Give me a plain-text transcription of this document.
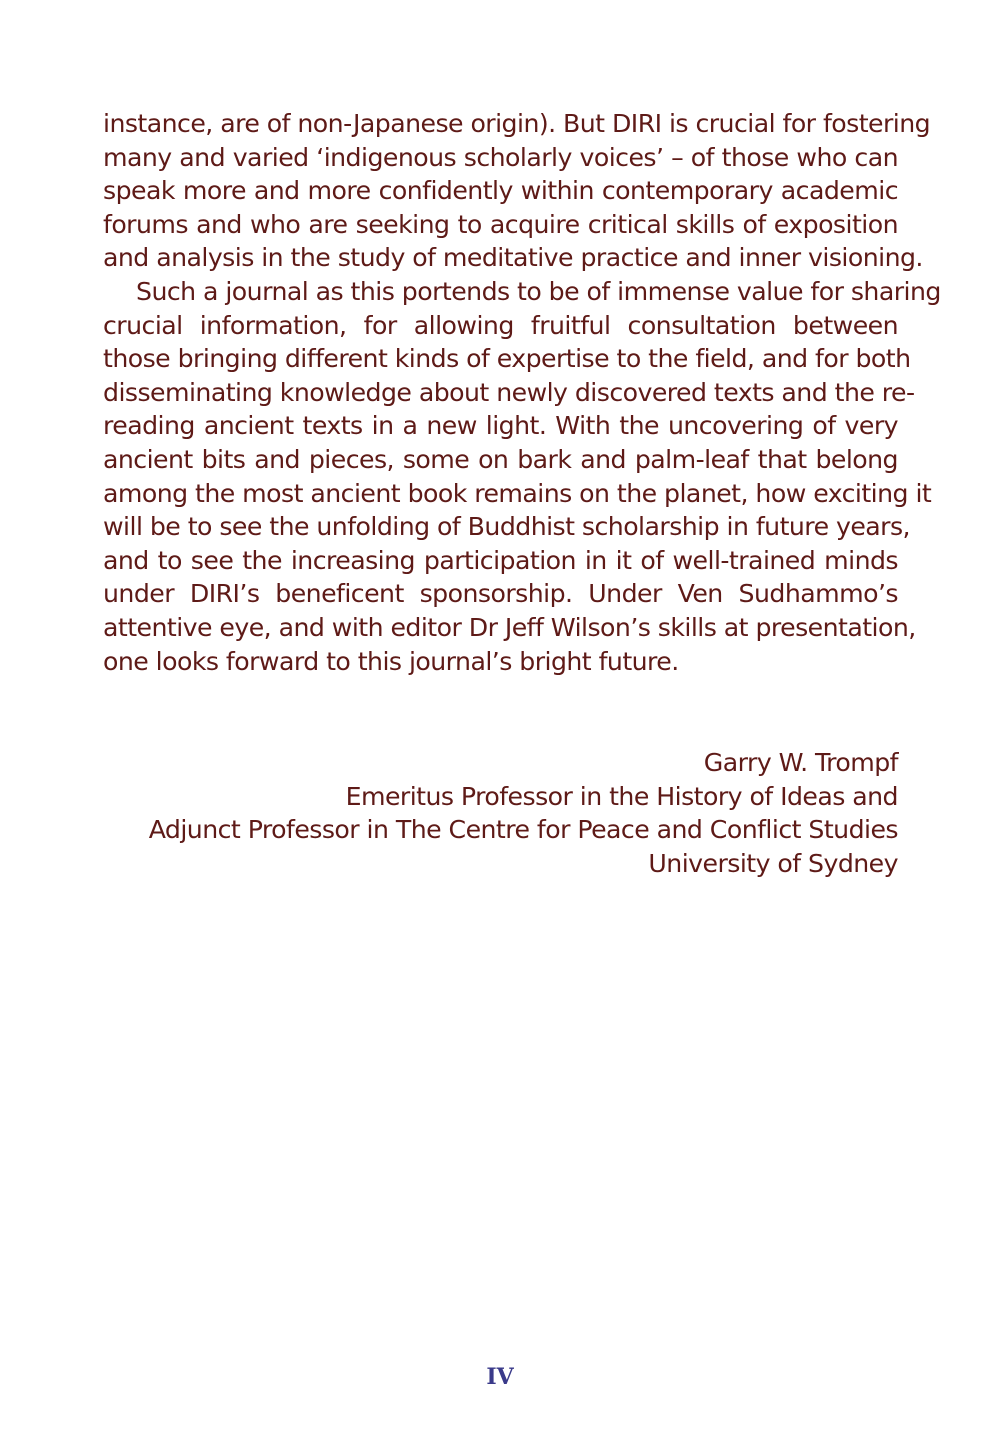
instance, are of non-Japanese origin). But DIRI is crucial for fostering
many and varied ‘indigenous scholarly voices’ – of those who can
speak more and more confidently within contemporary academic
forums and who are seeking to acquire critical skills of exposition
and analysis in the study of meditative practice and inner visioning.
Such a journal as this portends to be of immense value for sharing
crucial information, for allowing fruitful consultation between
those bringing different kinds of expertise to the field, and for both
disseminating knowledge about newly discovered texts and the re-
reading ancient texts in a new light. With the uncovering of very
ancient bits and pieces, some on bark and palm-leaf that belong
among the most ancient book remains on the planet, how exciting it
will be to see the unfolding of Buddhist scholarship in future years,
and to see the increasing participation in it of well-trained minds
under DIRI’s beneficent sponsorship. Under Ven Sudhammo’s
attentive eye, and with editor Dr Jeff Wilson’s skills at presentation,
one looks forward to this journal’s bright future.
Garry W. Trompf
Emeritus Professor in the History of Ideas and
Adjunct Professor in The Centre for Peace and Conflict Studies
University of Sydney
IV
